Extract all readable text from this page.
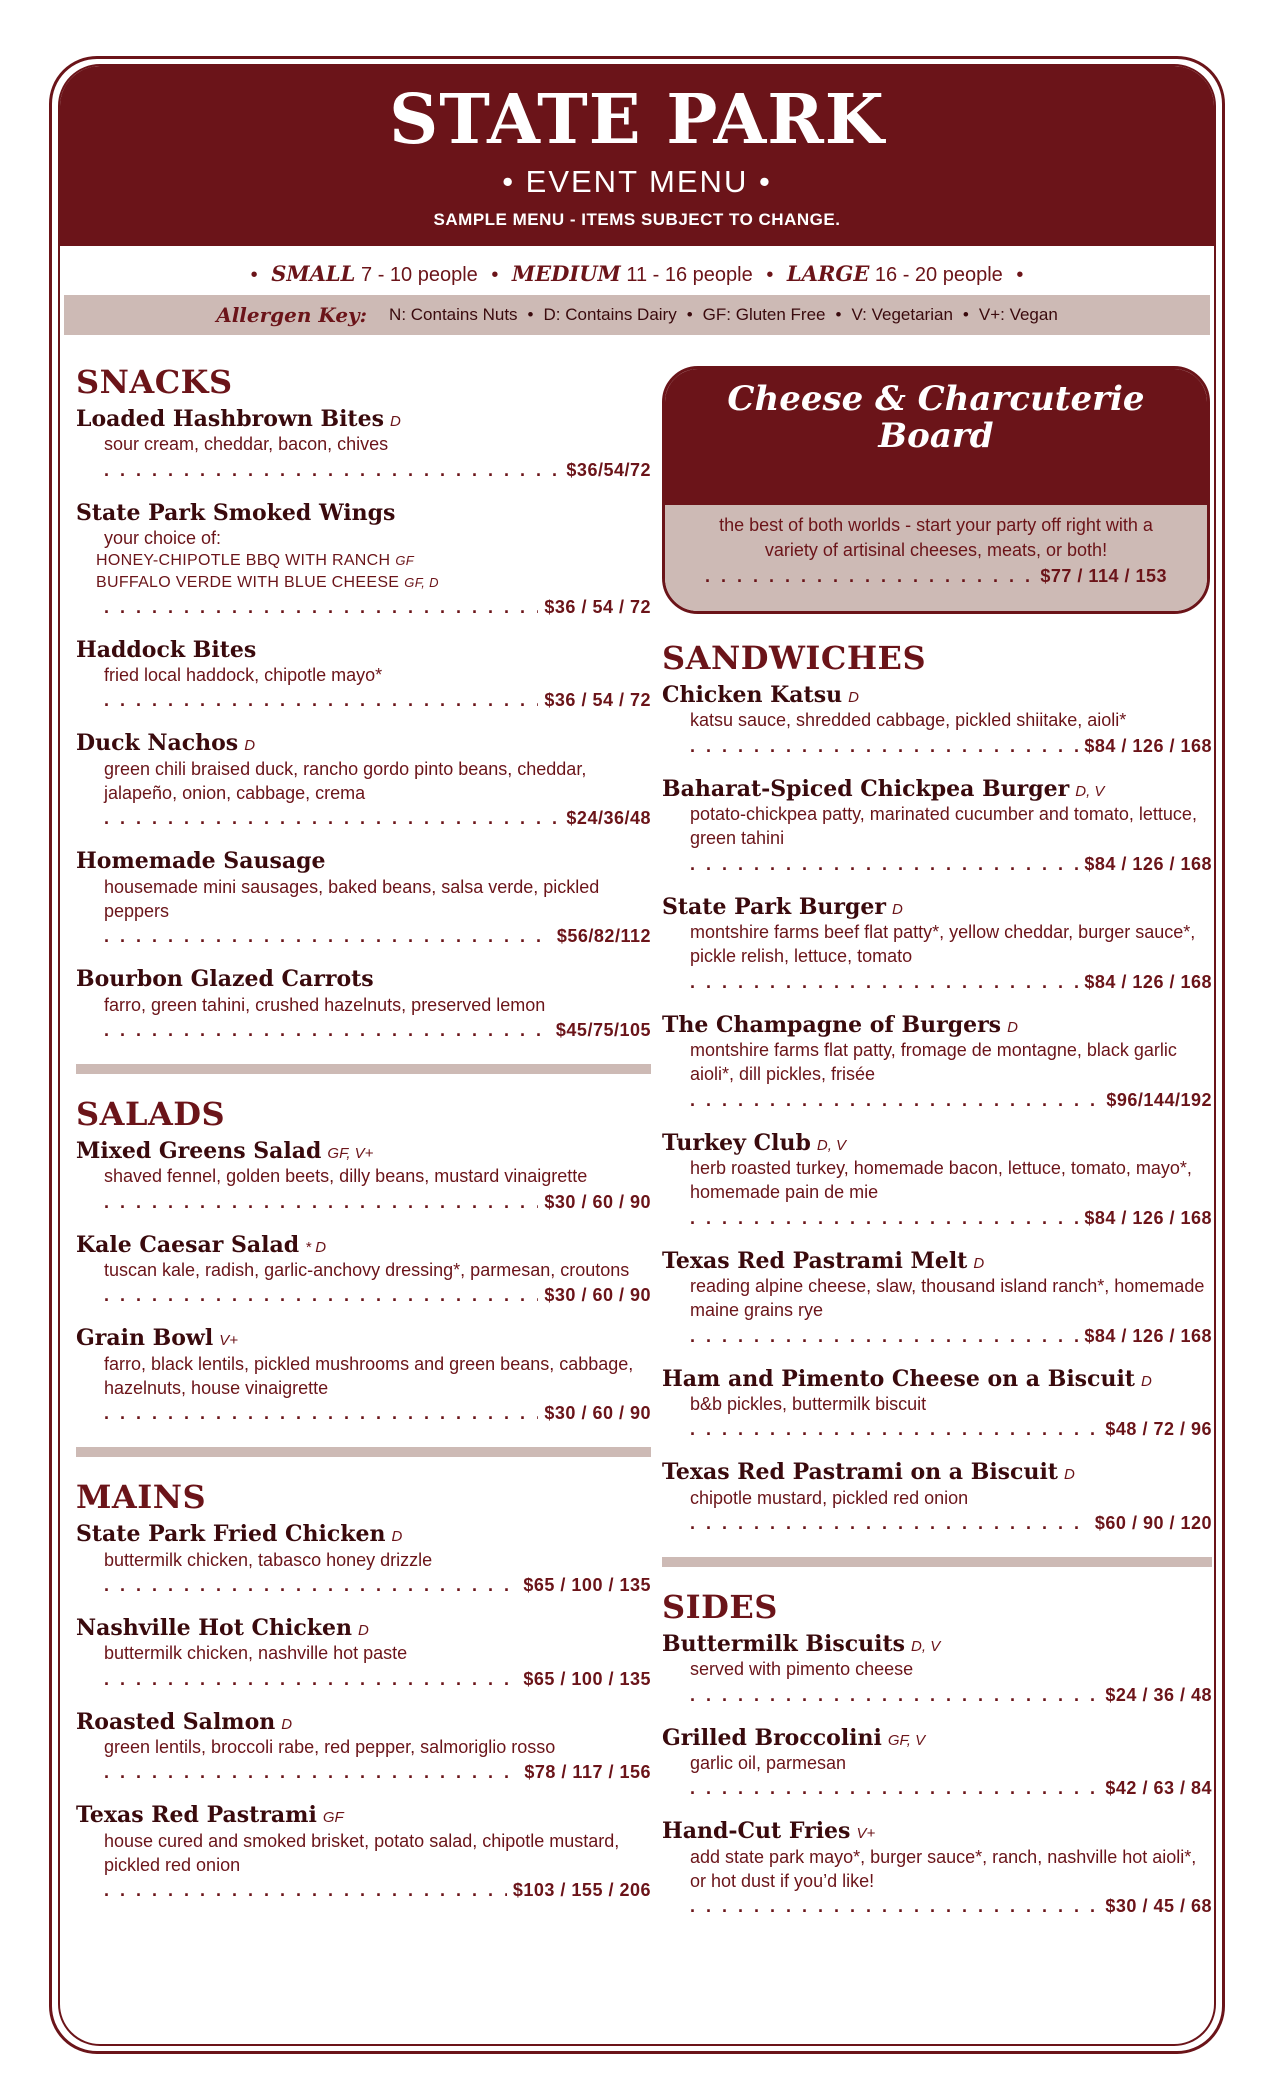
STATE PARK
• EVENT MENU •
SAMPLE MENU - ITEMS SUBJECT TO CHANGE.
• SMALL 7 - 10 people • MEDIUM 11 - 16 people • LARGE 16 - 20 people •
Allergen Key: N: Contains Nuts • D: Contains Dairy • GF: Gluten Free • V: Vegetarian • V+: Vegan
SNACKS
Loaded Hashbrown Bites D
sour cream, cheddar, bacon, chives
. . .
$36/54/72
State Park Smoked Wings
your choice of:
HONEY-CHIPOTLE BBQ WITH RANCH GF
BUFFALO VERDE WITH BLUE CHEESE GF, D
. . .
$36 / 54 / 72
Haddock Bites
fried local haddock, chipotle mayo*
. . .
$36 / 54 / 72
Duck Nachos D
green chili braised duck, rancho gordo pinto beans, cheddar, jalapeño, onion, cabbage, crema
. . .
$24/36/48
Homemade Sausage
housemade mini sausages, baked beans, salsa verde, pickled peppers
. . .
$56/82/112
Bourbon Glazed Carrots
farro, green tahini, crushed hazelnuts, preserved lemon
. . .
$45/75/105
SALADS
Mixed Greens Salad GF, V+
shaved fennel, golden beets, dilly beans, mustard vinaigrette
. . .
$30 / 60 / 90
Kale Caesar Salad * D
tuscan kale, radish, garlic-anchovy dressing*, parmesan, croutons
. . .
$30 / 60 / 90
Grain Bowl V+
farro, black lentils, pickled mushrooms and green beans, cabbage, hazelnuts, house vinaigrette
. . .
$30 / 60 / 90
MAINS
State Park Fried Chicken D
buttermilk chicken, tabasco honey drizzle
. . .
$65 / 100 / 135
Nashville Hot Chicken D
buttermilk chicken, nashville hot paste
. . .
$65 / 100 / 135
Roasted Salmon D
green lentils, broccoli rabe, red pepper, salmoriglio rosso
. . .
$78 / 117 / 156
Texas Red Pastrami GF
house cured and smoked brisket, potato salad, chipotle mustard, pickled red onion
. . .
$103 / 155 / 206
Cheese & Charcuterie Board
the best of both worlds - start your party off right with a variety of artisinal cheeses, meats, or both!
. . .
$77 / 114 / 153
SANDWICHES
Chicken Katsu D
katsu sauce, shredded cabbage, pickled shiitake, aioli*
. . .
$84 / 126 / 168
Baharat-Spiced Chickpea Burger D, V
potato-chickpea patty, marinated cucumber and tomato, lettuce, green tahini
. . .
$84 / 126 / 168
State Park Burger D
montshire farms beef flat patty*, yellow cheddar, burger sauce*, pickle relish, lettuce, tomato
. . .
$84 / 126 / 168
The Champagne of Burgers D
montshire farms flat patty, fromage de montagne, black garlic aioli*, dill pickles, frisée
. . .
$96/144/192
Turkey Club D, V
herb roasted turkey, homemade bacon, lettuce, tomato, mayo*, homemade pain de mie
. . .
$84 / 126 / 168
Texas Red Pastrami Melt D
reading alpine cheese, slaw, thousand island ranch*, homemade maine grains rye
. . .
$84 / 126 / 168
Ham and Pimento Cheese on a Biscuit D
b&b pickles, buttermilk biscuit
. . .
$48 / 72 / 96
Texas Red Pastrami on a Biscuit D
chipotle mustard, pickled red onion
. . .
$60 / 90 / 120
SIDES
Buttermilk Biscuits D, V
served with pimento cheese
. . .
$24 / 36 / 48
Grilled Broccolini GF, V
garlic oil, parmesan
. . .
$42 / 63 / 84
Hand-Cut Fries V+
add state park mayo*, burger sauce*, ranch, nashville hot aioli*, or hot dust if you’d like!
. . .
$30 / 45 / 68
